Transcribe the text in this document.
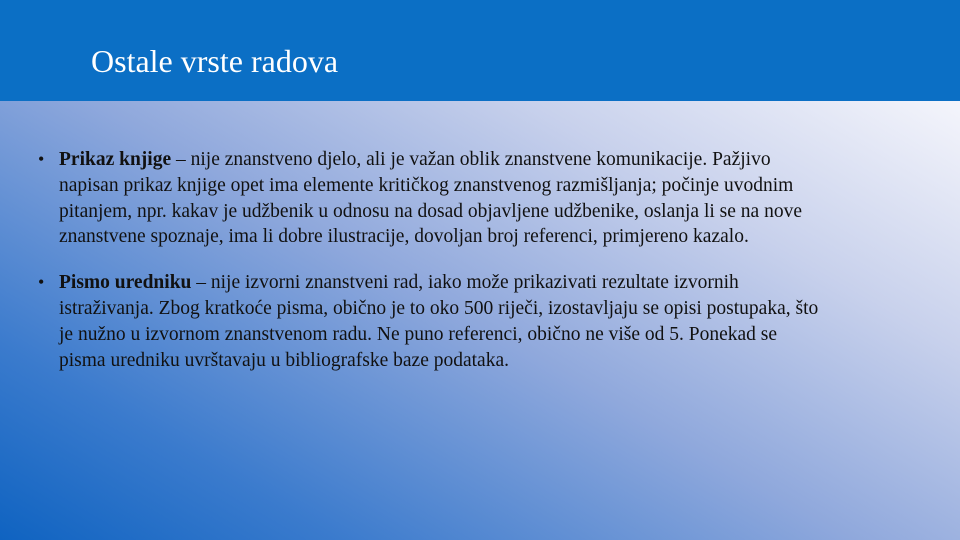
Ostale vrste radova

• Prikaz knjige – nije znanstveno djelo, ali je važan oblik znanstvene komunikacije. Pažjivo napisan prikaz knjige opet ima elemente kritičkog znanstvenog razmišljanja; počinje uvodnim pitanjem, npr. kakav je udžbenik u odnosu na dosad objavljene udžbenike, oslanja li se na nove znanstvene spoznaje, ima li dobre ilustracije, dovoljan broj referenci, primjereno kazalo.

• Pismo uredniku – nije izvorni znanstveni rad, iako može prikazivati rezultate izvornih istraživanja. Zbog kratkoće pisma, obično je to oko 500 riječi, izostavljaju se opisi postupaka, što je nužno u izvornom znanstvenom radu. Ne puno referenci, obično ne više od 5. Ponekad se pisma uredniku uvrštavaju u bibliografske baze podataka.
